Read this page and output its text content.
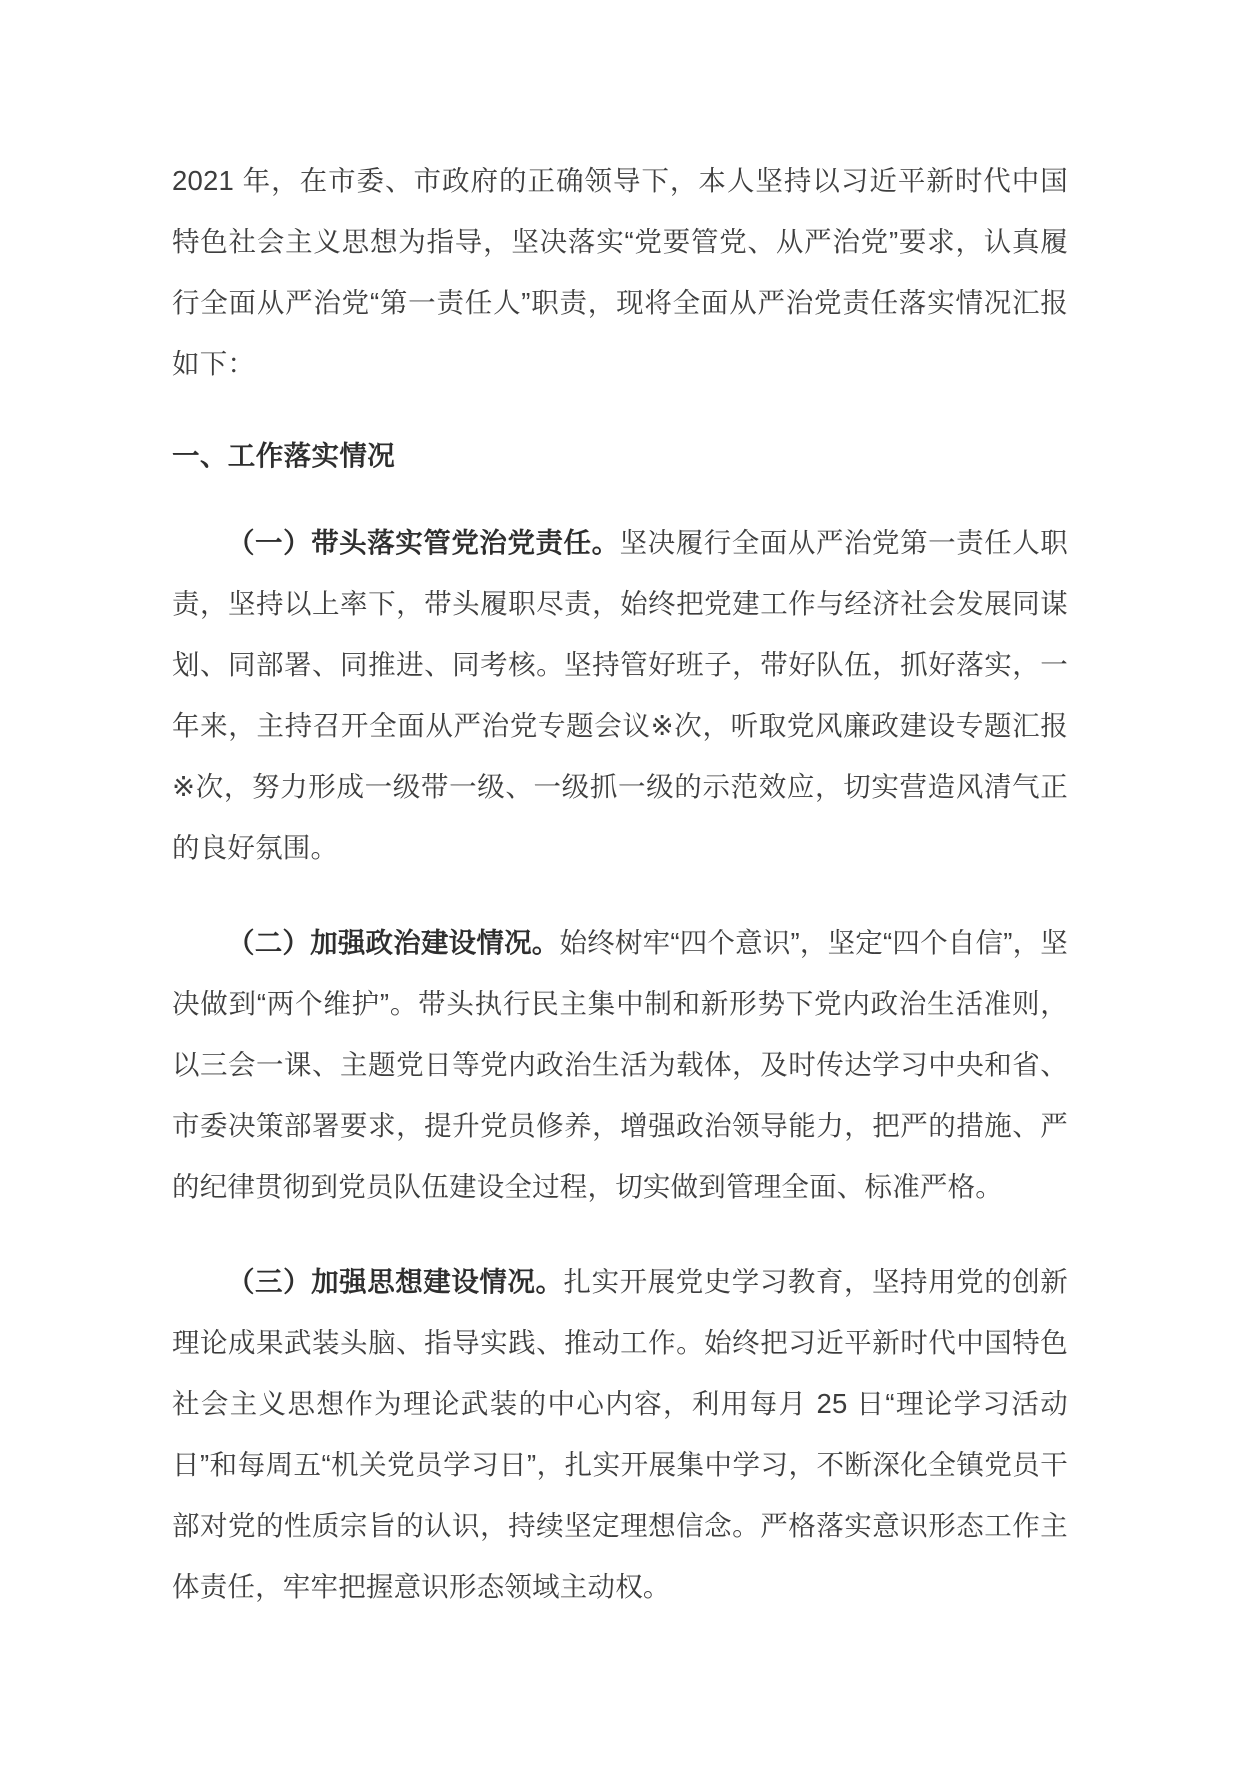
2021 年，在市委、市政府的正确领导下，本人坚持以习近平新时代中国特色社会主义思想为指导，坚决落实“党要管党、从严治党”要求，认真履行全面从严治党“第一责任人”职责，现将全面从严治党责任落实情况汇报如下：

一、工作落实情况

（一）带头落实管党治党责任。坚决履行全面从严治党第一责任人职责，坚持以上率下，带头履职尽责，始终把党建工作与经济社会发展同谋划、同部署、同推进、同考核。坚持管好班子，带好队伍，抓好落实，一年来，主持召开全面从严治党专题会议※次，听取党风廉政建设专题汇报※次，努力形成一级带一级、一级抓一级的示范效应，切实营造风清气正的良好氛围。

（二）加强政治建设情况。始终树牢“四个意识”，坚定“四个自信”，坚决做到“两个维护”。带头执行民主集中制和新形势下党内政治生活准则，以三会一课、主题党日等党内政治生活为载体，及时传达学习中央和省、市委决策部署要求，提升党员修养，增强政治领导能力，把严的措施、严的纪律贯彻到党员队伍建设全过程，切实做到管理全面、标准严格。

（三）加强思想建设情况。扎实开展党史学习教育，坚持用党的创新理论成果武装头脑、指导实践、推动工作。始终把习近平新时代中国特色社会主义思想作为理论武装的中心内容，利用每月 25 日“理论学习活动日”和每周五“机关党员学习日”，扎实开展集中学习，不断深化全镇党员干部对党的性质宗旨的认识，持续坚定理想信念。严格落实意识形态工作主体责任，牢牢把握意识形态领域主动权。
